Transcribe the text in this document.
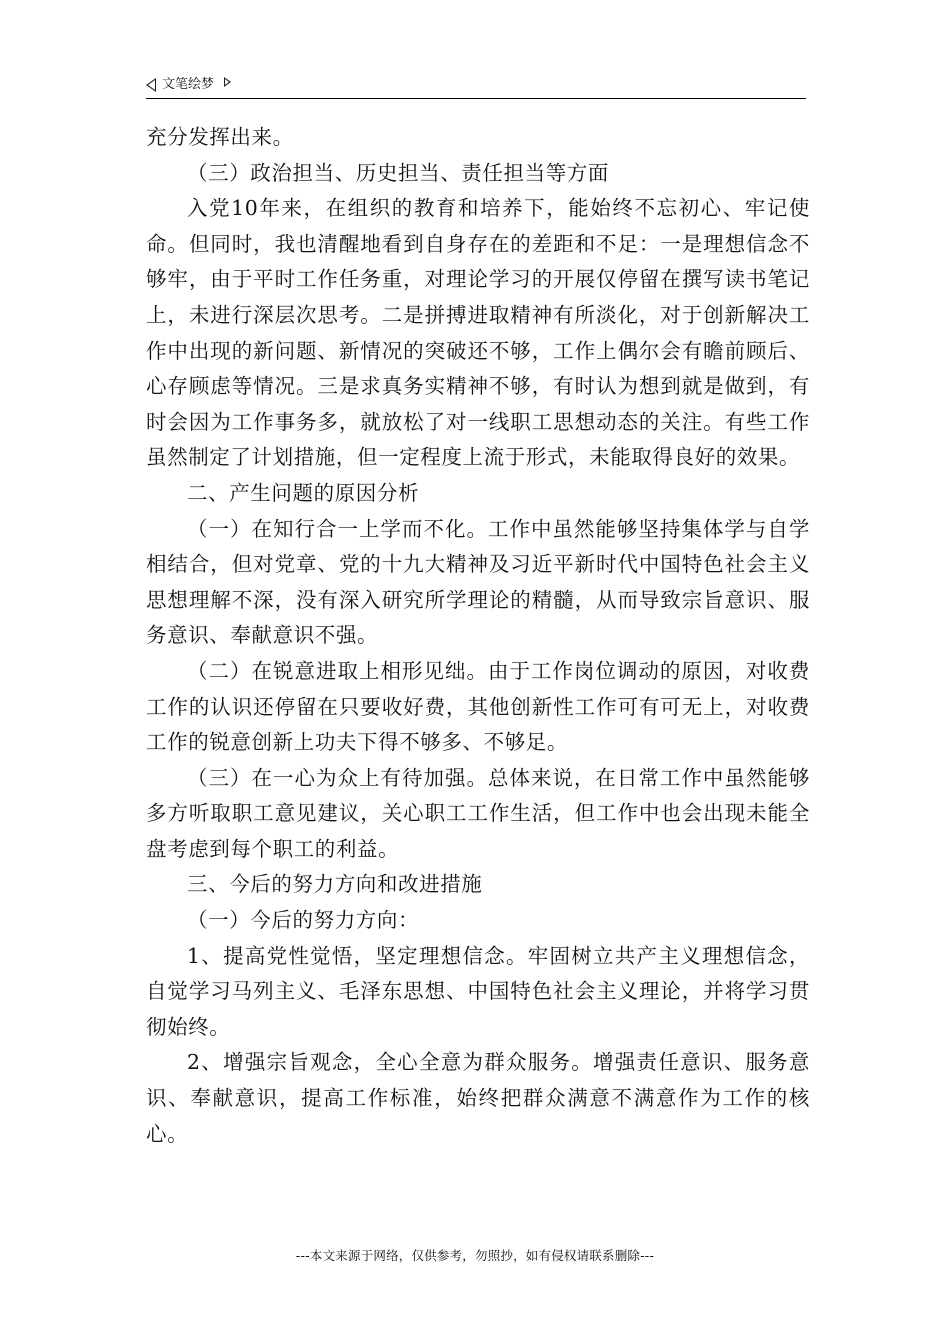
文笔绘梦

充分发挥出来。

（三）政治担当、历史担当、责任担当等方面

入党10年来，在组织的教育和培养下，能始终不忘初心、牢记使命。但同时，我也清醒地看到自身存在的差距和不足：一是理想信念不够牢，由于平时工作任务重，对理论学习的开展仅停留在撰写读书笔记上，未进行深层次思考。二是拼搏进取精神有所淡化，对于创新解决工作中出现的新问题、新情况的突破还不够，工作上偶尔会有瞻前顾后、心存顾虑等情况。三是求真务实精神不够，有时认为想到就是做到，有时会因为工作事务多，就放松了对一线职工思想动态的关注。有些工作虽然制定了计划措施，但一定程度上流于形式，未能取得良好的效果。

二、产生问题的原因分析

（一）在知行合一上学而不化。工作中虽然能够坚持集体学与自学相结合，但对党章、党的十九大精神及习近平新时代中国特色社会主义思想理解不深，没有深入研究所学理论的精髓，从而导致宗旨意识、服务意识、奉献意识不强。

（二）在锐意进取上相形见绌。由于工作岗位调动的原因，对收费工作的认识还停留在只要收好费，其他创新性工作可有可无上，对收费工作的锐意创新上功夫下得不够多、不够足。

（三）在一心为众上有待加强。总体来说，在日常工作中虽然能够多方听取职工意见建议，关心职工工作生活，但工作中也会出现未能全盘考虑到每个职工的利益。

三、今后的努力方向和改进措施

（一）今后的努力方向：

1、提高党性觉悟，坚定理想信念。牢固树立共产主义理想信念，自觉学习马列主义、毛泽东思想、中国特色社会主义理论，并将学习贯彻始终。

2、增强宗旨观念，全心全意为群众服务。增强责任意识、服务意识、奉献意识，提高工作标准，始终把群众满意不满意作为工作的核心。

---本文来源于网络，仅供参考，勿照抄，如有侵权请联系删除---
